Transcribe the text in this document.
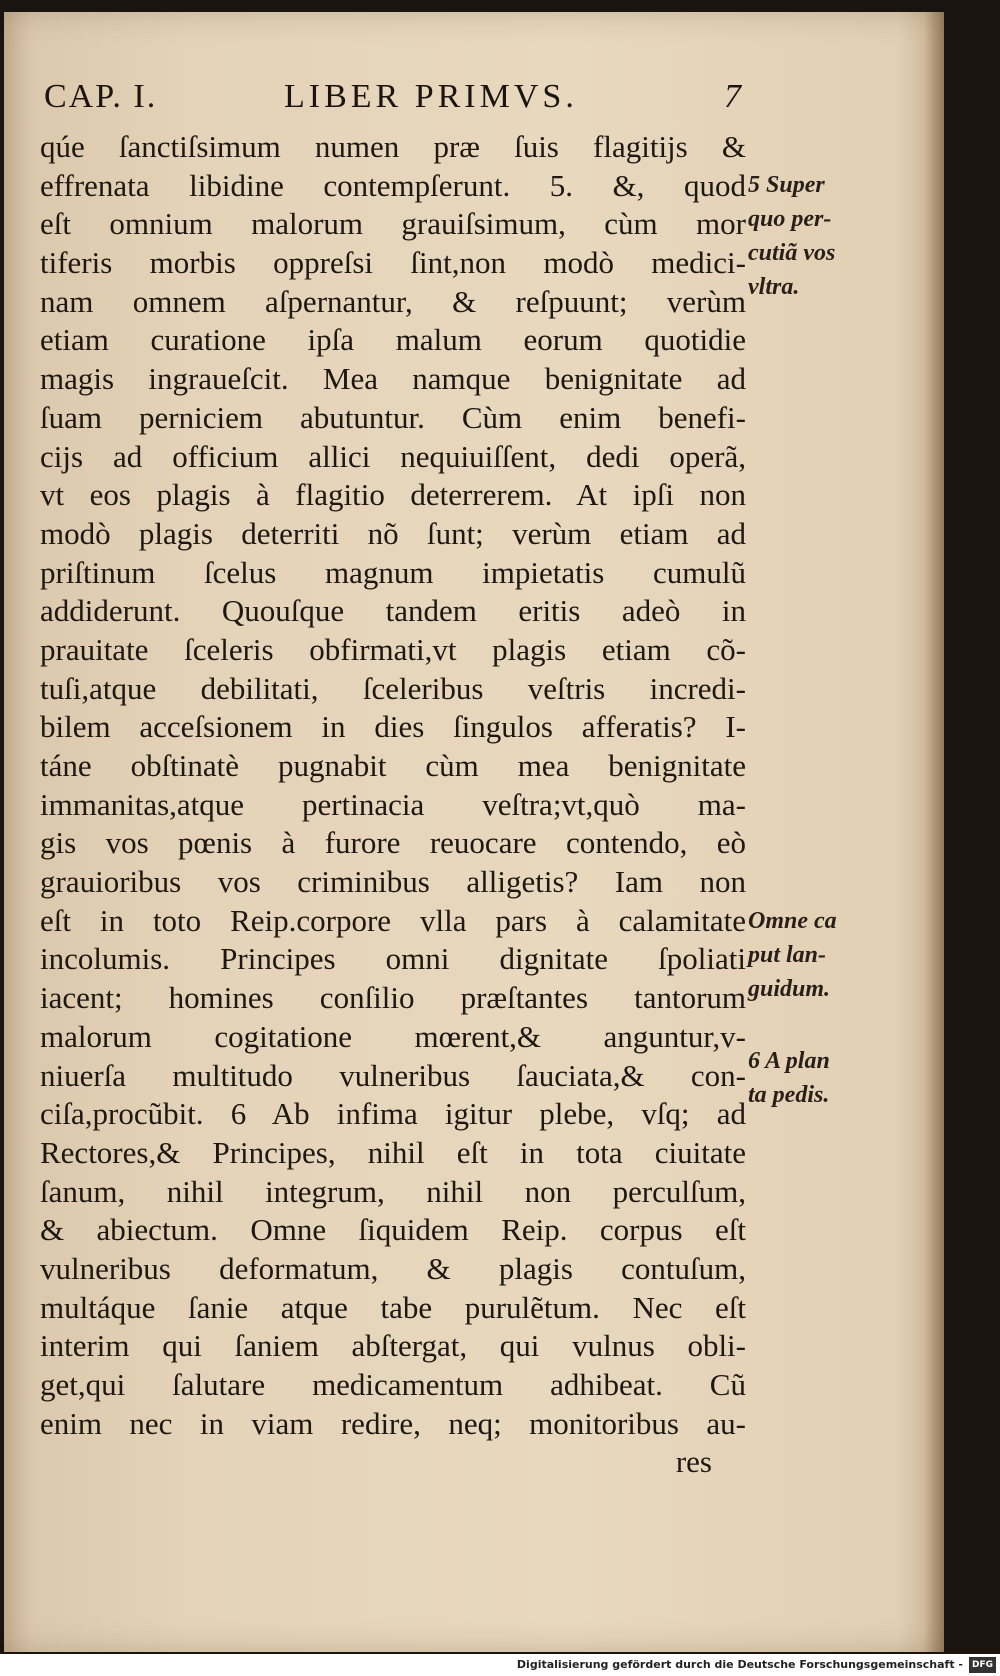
CAP. I.	LIBER PRIMVS.	7
qúe ſanctiſsimum numen præ ſuis flagitijs &
effrenata libidine contempſerunt. 5. &, quod
eſt omnium malorum grauiſsimum, cùm mor
tiferis morbis oppreſsi ſint,non modò medici-
nam omnem aſpernantur, & reſpuunt; verùm
etiam curatione ipſa malum eorum quotidie
magis ingraueſcit. Mea namque benignitate ad
ſuam perniciem abutuntur. Cùm enim benefi-
cijs ad officium allici nequiuiſſent, dedi operã,
vt eos plagis à flagitio deterrerem. At ipſi non
modò plagis deterriti nõ ſunt; verùm etiam ad
priſtinum ſcelus magnum impietatis cumulũ
addiderunt. Quouſque tandem eritis adeò in
prauitate ſceleris obfirmati,vt plagis etiam cõ-
tuſi,atque debilitati, ſceleribus veſtris incredi-
bilem acceſsionem in dies ſingulos afferatis? I-
táne obſtinatè pugnabit cùm mea benignitate
immanitas,atque pertinacia veſtra;vt,quò ma-
gis vos pœnis à furore reuocare contendo, eò
grauioribus vos criminibus alligetis? Iam non
eſt in toto Reip.corpore vlla pars à calamitate
incolumis. Principes omni dignitate ſpoliati
iacent; homines conſilio præſtantes tantorum
malorum cogitatione mœrent,& anguntur,v-
niuerſa multitudo vulneribus ſauciata,& con-
ciſa,procũbit. 6 Ab infima igitur plebe, vſq; ad
Rectores,& Principes, nihil eſt in tota ciuitate
ſanum, nihil integrum, nihil non perculſum,
& abiectum. Omne ſiquidem Reip. corpus eſt
vulneribus deformatum, & plagis contuſum,
multáque ſanie atque tabe purulẽtum. Nec eſt
interim qui ſaniem abſtergat, qui vulnus obli-
get,qui ſalutare medicamentum adhibeat. Cũ
enim nec in viam redire, neq; monitoribus au-
res
5 Super
quo per-
cutiã vos
vltra.
Omne ca
put lan-
guidum.
6 A plan
ta pedis.
Digitalisierung gefördert durch die Deutsche Forschungsgemeinschaft - DFG
